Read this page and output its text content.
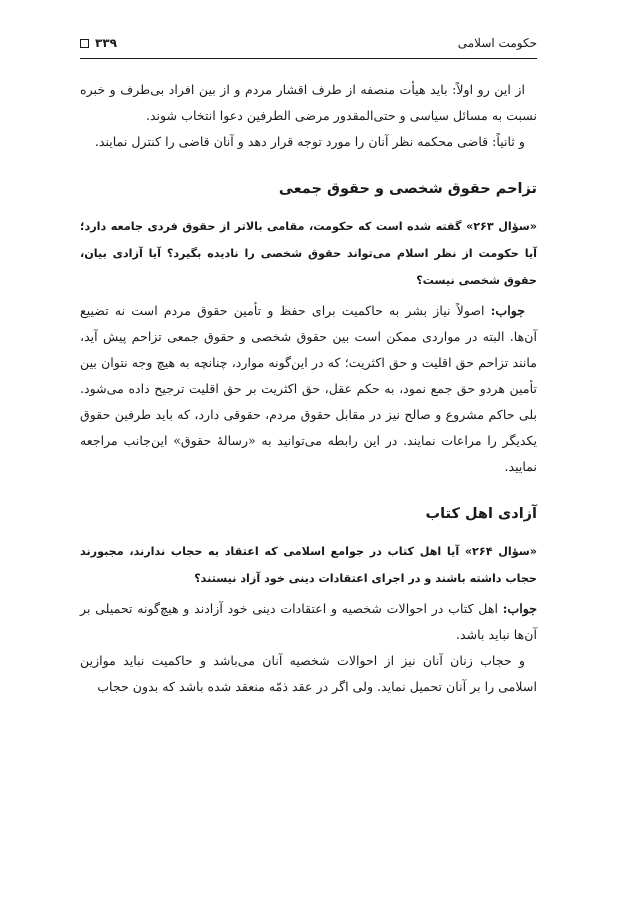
حکومت اسلامی
۳۳۹

از این رو اولاً: باید هیأت منصفه از طرف اقشار مردم و از بین افراد بی‌طرف و خبره نسبت به مسائل سیاسی و حتی‌المقدور مرضی الطرفین دعوا انتخاب شوند.

و ثانیاً: قاضی محکمه نظر آنان را مورد توجه قرار دهد و آنان قاضی را کنترل نمایند.

تزاحم حقوق شخصی و حقوق جمعی
«سؤال ۲۶۳» گفته شده است که حکومت، مقامی بالاتر از حقوق فردی جامعه دارد؛ آیا حکومت از نظر اسلام می‌تواند حقوق شخصی را نادیده بگیرد؟ آیا آزادی بیان، حقوق شخصی نیست؟

جواب: اصولاً نیاز بشر به حاکمیت برای حفظ و تأمین حقوق مردم است نه تضییع آن‌ها. البته در مواردی ممکن است بین حقوق شخصی و حقوق جمعی تزاحم پیش آید، مانند تزاحم حق اقلیت و حق اکثریت؛ که در این‌گونه موارد، چنانچه به هیچ وجه نتوان بین تأمین هردو حق جمع نمود، به حکم عقل، حق اکثریت بر حق اقلیت ترجیح داده می‌شود. بلی حاکم مشروع و صالح نیز در مقابل حقوق مردم، حقوقی دارد، که باید طرفین حقوق یکدیگر را مراعات نمایند. در این رابطه می‌توانید به «رسالهٔ حقوق» این‌جانب مراجعه نمایید.

آزادی اهل کتاب
«سؤال ۲۶۴» آیا اهل کتاب در جوامع اسلامی که اعتقاد به حجاب ندارند، مجبورند حجاب داشته باشند و در اجرای اعتقادات دینی خود آزاد نیستند؟

جواب: اهل کتاب در احوالات شخصیه و اعتقادات دینی خود آزادند و هیچ‌گونه تحمیلی بر آن‌ها نباید باشد.

و حجاب زنان آنان نیز از احوالات شخصیه آنان می‌باشد و حاکمیت نباید موازین اسلامی را بر آنان تحمیل نماید. ولی اگر در عقد ذمّه منعقد شده باشد که بدون حجاب
